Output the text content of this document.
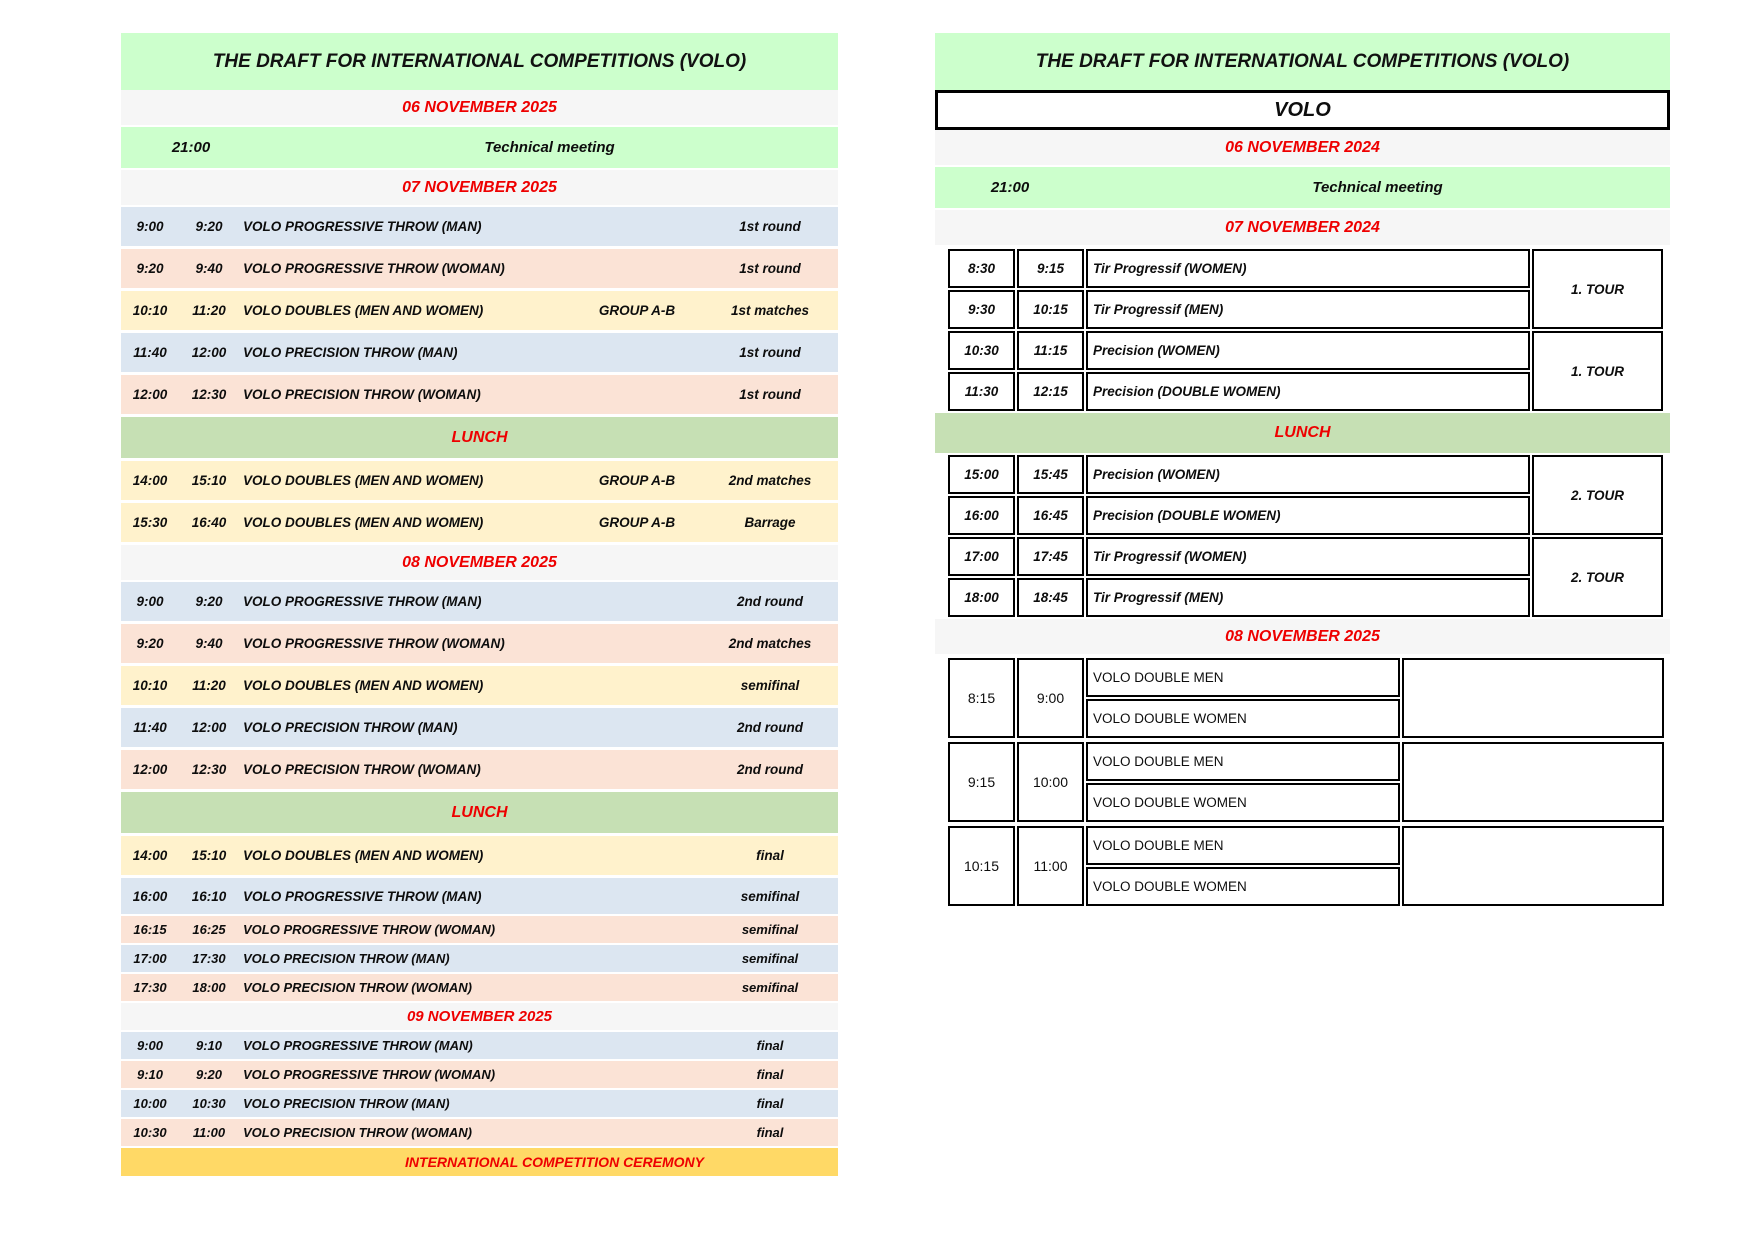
THE DRAFT FOR INTERNATIONAL COMPETITIONS (VOLO)
06 NOVEMBER 2025
21:00	Technical meeting
07 NOVEMBER 2025
9:00	9:20	VOLO PROGRESSIVE THROW (MAN)	1st round
9:20	9:40	VOLO PROGRESSIVE THROW (WOMAN)	1st round
10:10	11:20	VOLO DOUBLES (MEN AND WOMEN)	GROUP A-B	1st matches
11:40	12:00	VOLO PRECISION THROW (MAN)	1st round
12:00	12:30	VOLO PRECISION THROW (WOMAN)	1st round
LUNCH
14:00	15:10	VOLO DOUBLES (MEN AND WOMEN)	GROUP A-B	2nd matches
15:30	16:40	VOLO DOUBLES (MEN AND WOMEN)	GROUP A-B	Barrage
08 NOVEMBER 2025
9:00	9:20	VOLO PROGRESSIVE THROW (MAN)	2nd round
9:20	9:40	VOLO PROGRESSIVE THROW (WOMAN)	2nd matches
10:10	11:20	VOLO DOUBLES (MEN AND WOMEN)	semifinal
11:40	12:00	VOLO PRECISION THROW (MAN)	2nd round
12:00	12:30	VOLO PRECISION THROW (WOMAN)	2nd round
LUNCH
14:00	15:10	VOLO DOUBLES (MEN AND WOMEN)	final
16:00	16:10	VOLO PROGRESSIVE THROW (MAN)	semifinal
16:15	16:25	VOLO PROGRESSIVE THROW (WOMAN)	semifinal
17:00	17:30	VOLO PRECISION THROW (MAN)	semifinal
17:30	18:00	VOLO PRECISION THROW (WOMAN)	semifinal
09 NOVEMBER 2025
9:00	9:10	VOLO PROGRESSIVE THROW (MAN)	final
9:10	9:20	VOLO PROGRESSIVE THROW (WOMAN)	final
10:00	10:30	VOLO PRECISION THROW (MAN)	final
10:30	11:00	VOLO PRECISION THROW (WOMAN)	final
INTERNATIONAL COMPETITION CEREMONY
THE DRAFT FOR INTERNATIONAL COMPETITIONS (VOLO)
VOLO
06 NOVEMBER 2024
21:00	Technical meeting
07 NOVEMBER 2024
8:30	9:15	Tir Progressif (WOMEN)	1. TOUR
9:30	10:15	Tir Progressif (MEN)	
10:30	11:15	Precision (WOMEN)	1. TOUR
11:30	12:15	Precision (DOUBLE WOMEN)	
LUNCH
15:00	15:45	Precision (WOMEN)	2. TOUR
16:00	16:45	Precision (DOUBLE WOMEN)	
17:00	17:45	Tir Progressif (WOMEN)	2. TOUR
18:00	18:45	Tir Progressif (MEN)	
08 NOVEMBER 2025
8:15	9:00	VOLO DOUBLE MEN	
VOLO DOUBLE WOMEN
9:15	10:00	VOLO DOUBLE MEN	
VOLO DOUBLE WOMEN
10:15	11:00	VOLO DOUBLE MEN	
VOLO DOUBLE WOMEN
